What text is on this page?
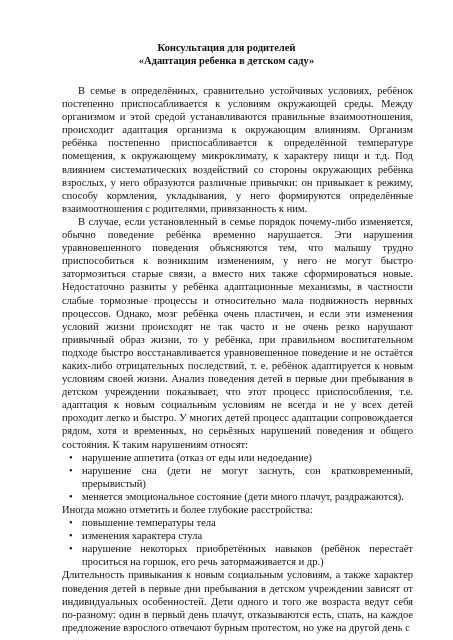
Консультация для родителей
«Адаптация ребенка в детском саду»

В семье в определённых, сравнительно устойчивых условиях, ребёнок постепенно приспосабливается к условиям окружающей среды. Между организмом и этой средой устанавливаются правильные взаимоотношения, происходит адаптация организма к окружающим влияниям. Организм ребёнка постепенно приспосабливается к определённой температуре помещения, к окружающему микроклимату, к характеру пищи и т.д. Под влиянием систематических воздействий со стороны окружающих ребёнка взрослых, у него образуются различные привычки: он привыкает к режиму, способу кормления, укладывания, у него формируются определённые взаимоотношения с родителями, привязанность к ним.

В случае, если установленный в семье порядок почему-либо изменяется, обычно поведение ребёнка временно нарушается. Эти нарушения уравновешенного поведения объясняются тем, что малышу трудно приспособиться к возникшим изменениям, у него не могут быстро затормозиться старые связи, а вместо них также сформироваться новые. Недостаточно развиты у ребёнка адаптационные механизмы, в частности слабые тормозные процессы и относительно мала подвижность нервных процессов. Однако, мозг ребёнка очень пластичен, и если эти изменения условий жизни происходят не так часто и не очень резко нарушают привычный образ жизни, то у ребёнка, при правильном воспитательном подходе быстро восстанавливается уравновешенное поведение и не остаётся каких-либо отрицательных последствий, т. е. ребёнок адаптируется к новым условиям своей жизни. Анализ поведения детей в первые дни пребывания в детском учреждении показывает, что этот процесс приспособления, т.е. адаптация к новым социальным условиям не всегда и не у всех детей проходит легко и быстро. У многих детей процесс адаптации сопровождается рядом, хотя и временных, но серьёзных нарушений поведения и общего состояния. К таким нарушениям относят:

• нарушение аппетита (отказ от еды или недоедание)
• нарушение сна (дети не могут заснуть, сон кратковременный, прерывистый)
• меняется эмоциональное состояние (дети много плачут, раздражаются).

Иногда можно отметить и более глубокие расстройства:

• повышение температуры тела
• изменения характера стула
• нарушение некоторых приобретённых навыков (ребёнок перестаёт проситься на горшок, его речь затормаживается и др.)

Длительность привыкания к новым социальным условиям, а также характер поведения детей в первые дни пребывания в детском учреждении зависят от индивидуальных особенностей. Дети одного и того же возраста ведут себя по-разному: один в первый день плачут, отказываются есть, спать, на каждое предложение взрослого отвечают бурным протестом, но уже на другой день с
